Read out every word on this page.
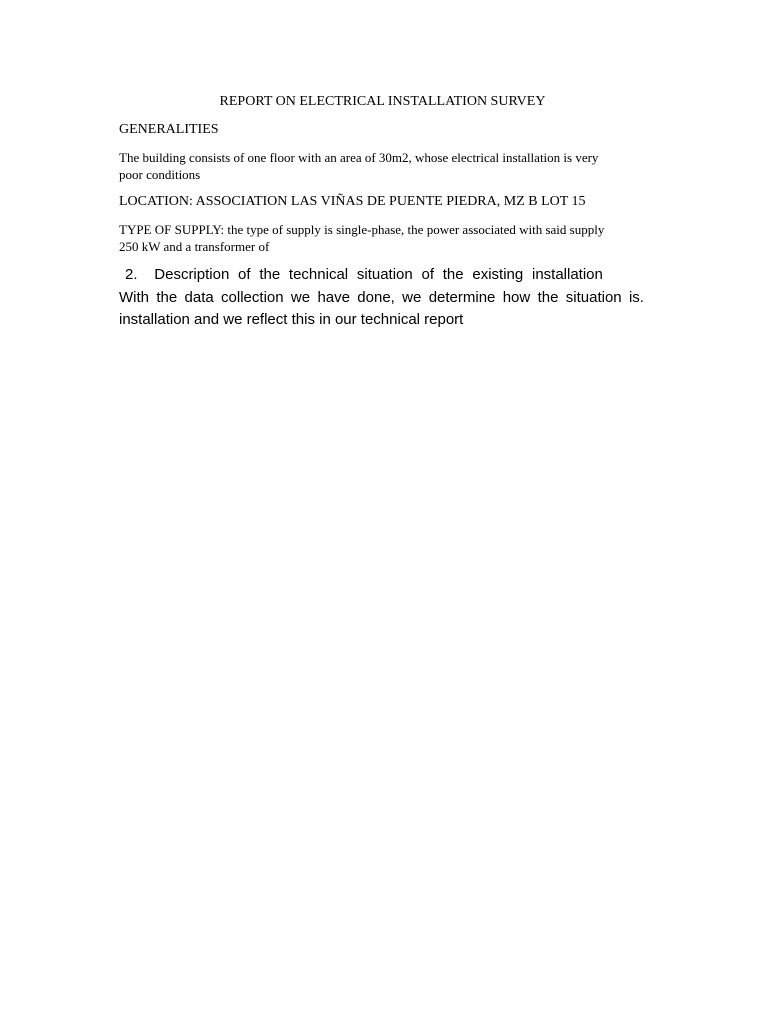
REPORT ON ELECTRICAL INSTALLATION SURVEY
GENERALITIES

The building consists of one floor with an area of 30m2, whose electrical installation is very
poor conditions

LOCATION: ASSOCIATION LAS VIÑAS DE PUENTE PIEDRA, MZ B LOT 15

TYPE OF SUPPLY: the type of supply is single-phase, the power associated with said supply
250 kW and a transformer of

2. Description of the technical situation of the existing installation

With the data collection we have done, we determine how the situation is.
installation and we reflect this in our technical report
